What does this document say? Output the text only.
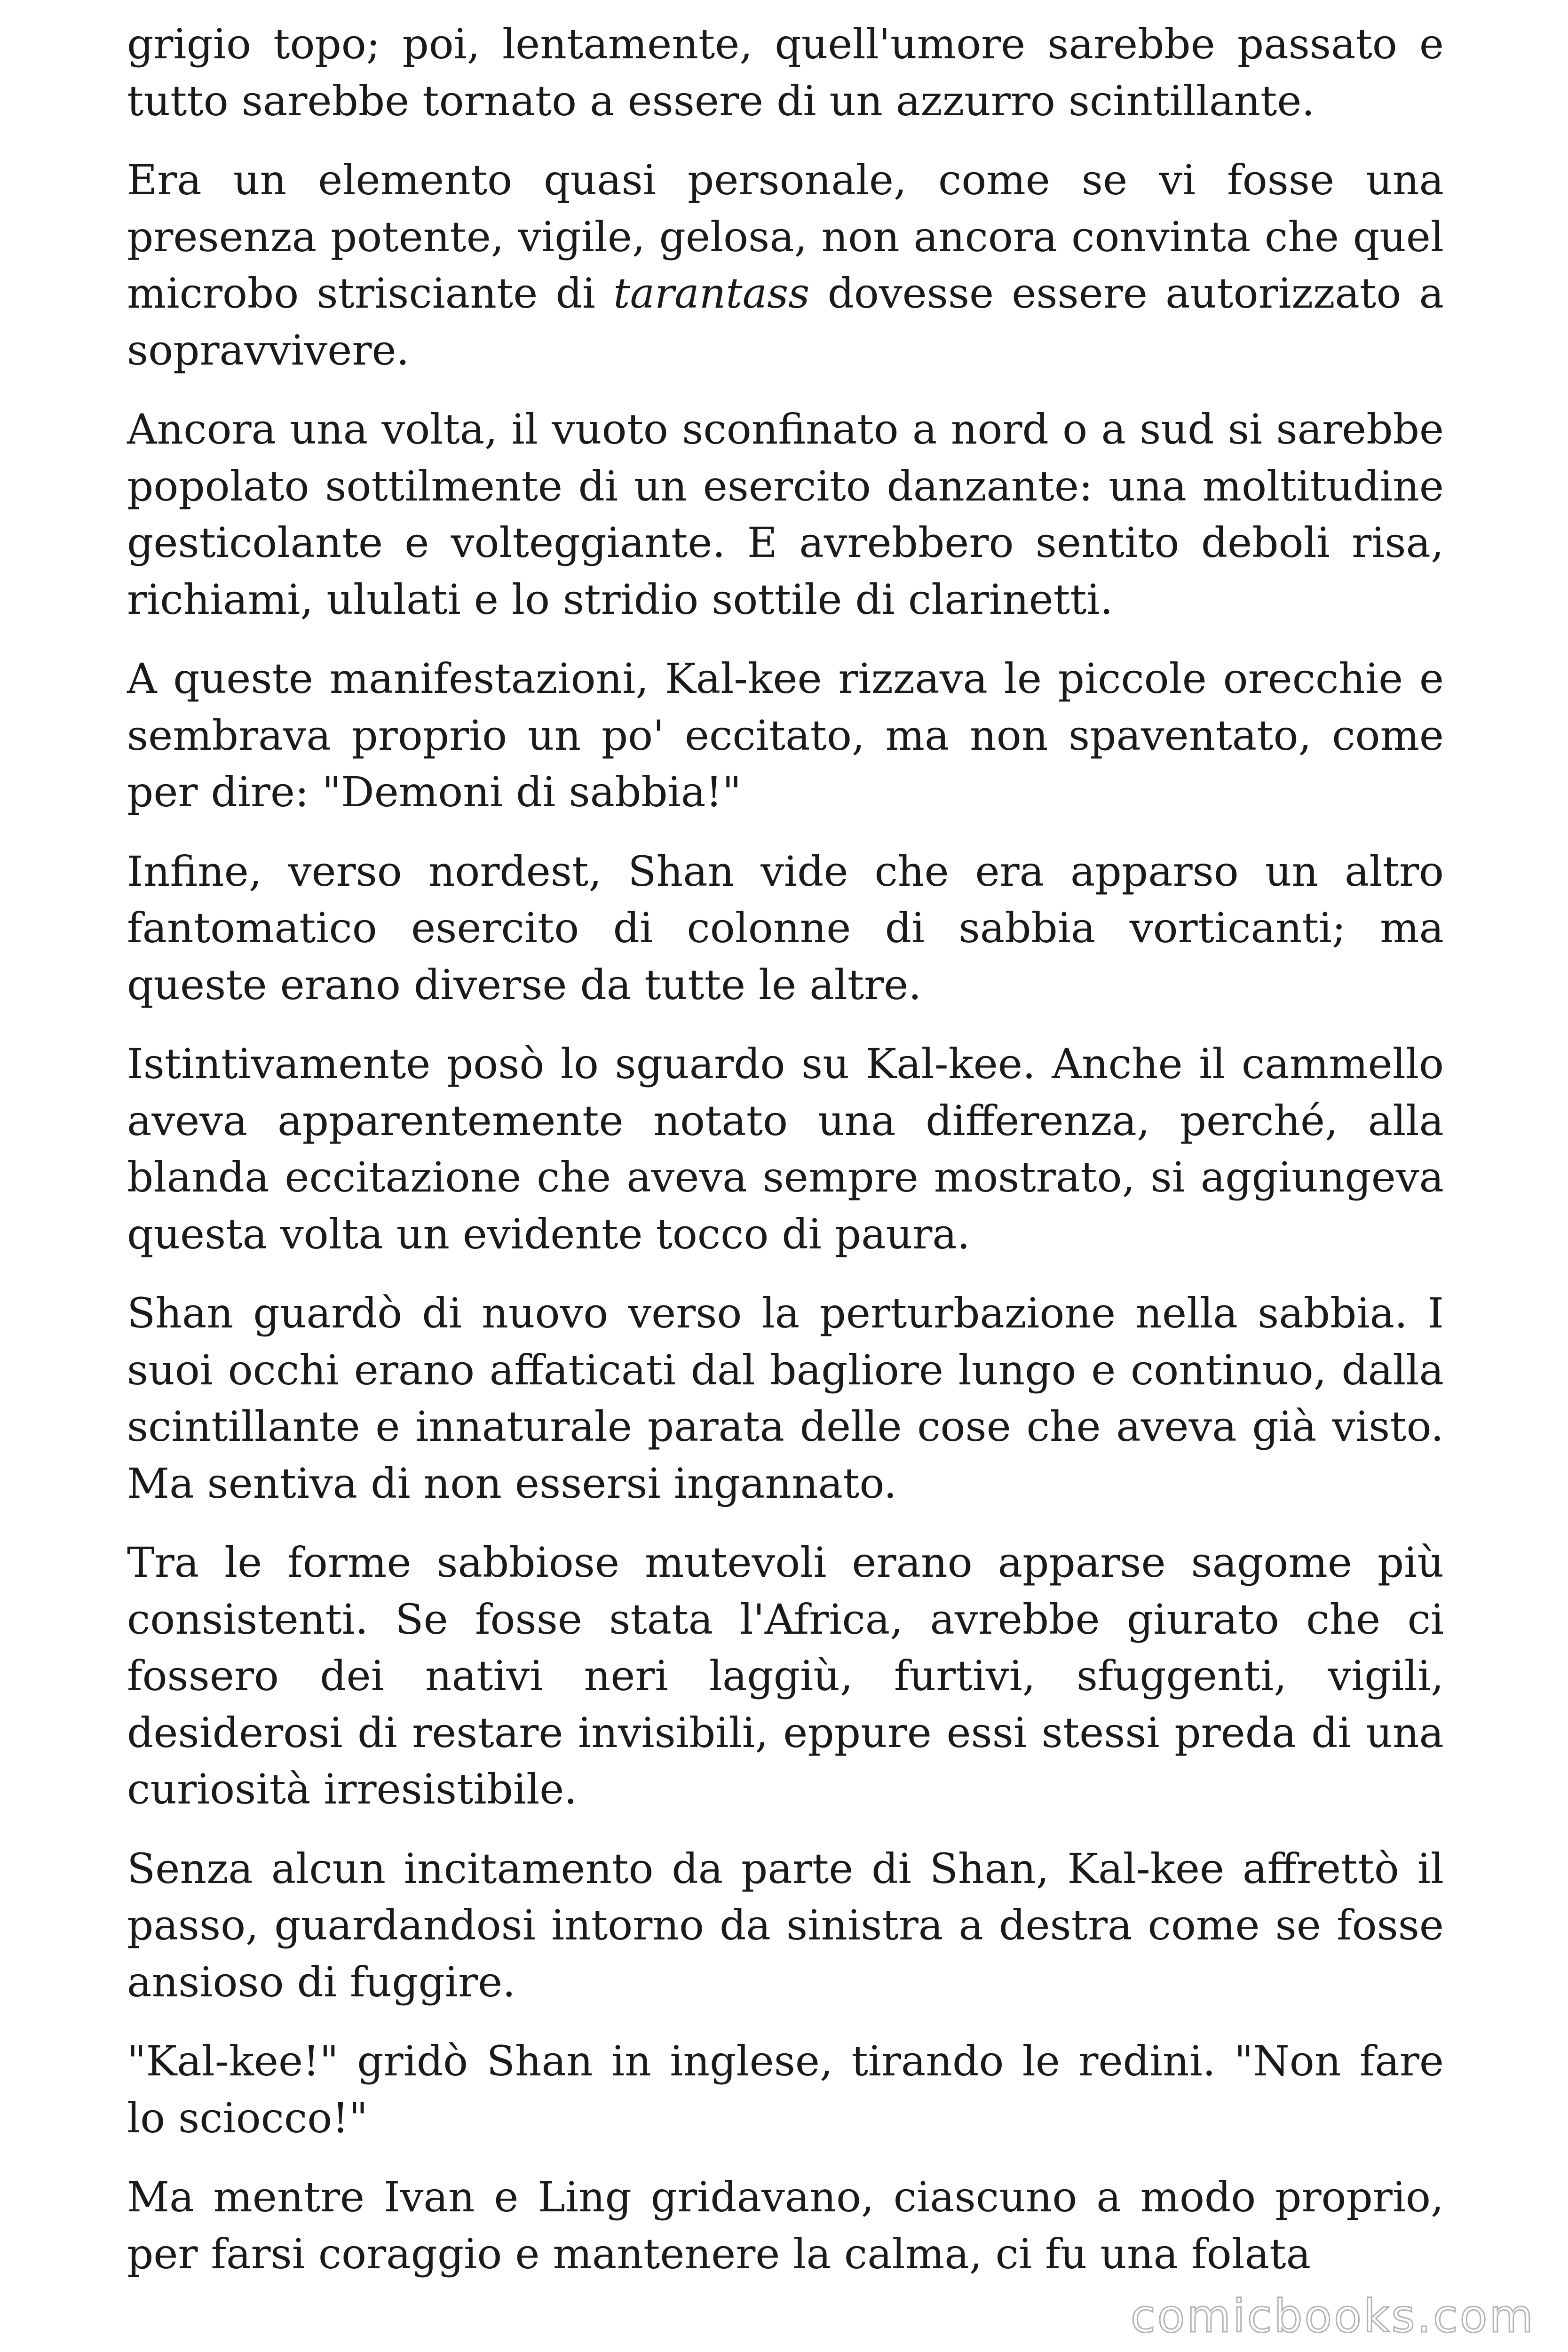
grigio topo; poi, lentamente, quell'umore sarebbe passato e tutto sarebbe tornato a essere di un azzurro scintillante.

Era un elemento quasi personale, come se vi fosse una presenza potente, vigile, gelosa, non ancora convinta che quel microbo strisciante di tarantass dovesse essere autorizzato a sopravvivere.

Ancora una volta, il vuoto sconfinato a nord o a sud si sarebbe popolato sottilmente di un esercito danzante: una moltitudine gesticolante e volteggiante. E avrebbero sentito deboli risa, richiami, ululati e lo stridio sottile di clarinetti.

A queste manifestazioni, Kal-kee rizzava le piccole orecchie e sembrava proprio un po' eccitato, ma non spaventato, come per dire: "Demoni di sabbia!"

Infine, verso nordest, Shan vide che era apparso un altro fantomatico esercito di colonne di sabbia vorticanti; ma queste erano diverse da tutte le altre.

Istintivamente posò lo sguardo su Kal-kee. Anche il cammello aveva apparentemente notato una differenza, perché, alla blanda eccitazione che aveva sempre mostrato, si aggiungeva questa volta un evidente tocco di paura.

Shan guardò di nuovo verso la perturbazione nella sabbia. I suoi occhi erano affaticati dal bagliore lungo e continuo, dalla scintillante e innaturale parata delle cose che aveva già visto. Ma sentiva di non essersi ingannato.

Tra le forme sabbiose mutevoli erano apparse sagome più consistenti. Se fosse stata l'Africa, avrebbe giurato che ci fossero dei nativi neri laggiù, furtivi, sfuggenti, vigili, desiderosi di restare invisibili, eppure essi stessi preda di una curiosità irresistibile.

Senza alcun incitamento da parte di Shan, Kal-kee affrettò il passo, guardandosi intorno da sinistra a destra come se fosse ansioso di fuggire.

"Kal-kee!" gridò Shan in inglese, tirando le redini. "Non fare lo sciocco!"

Ma mentre Ivan e Ling gridavano, ciascuno a modo proprio, per farsi coraggio e mantenere la calma, ci fu una folata

comicbooks.com
